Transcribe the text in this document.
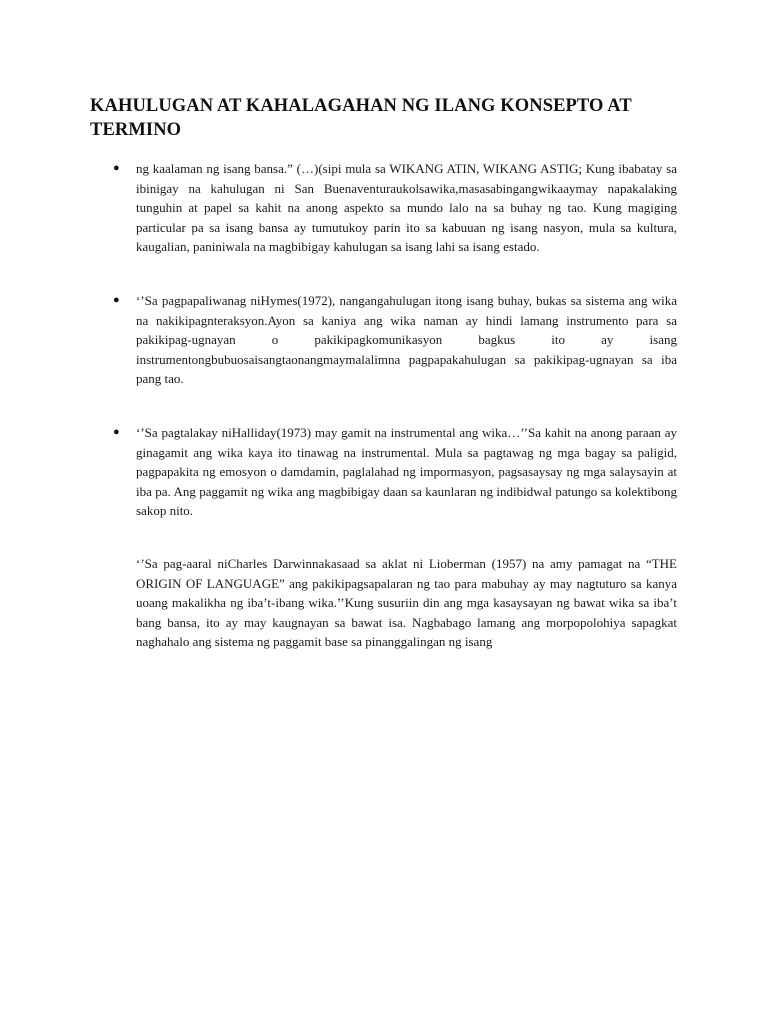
KAHULUGAN AT KAHALAGAHAN NG ILANG KONSEPTO AT TERMINO
● ng kaalaman ng isang bansa.” (…)(sipi mula sa WIKANG ATIN, WIKANG ASTIG; Kung ibabatay sa ibinigay na kahulugan ni San Buenaventuraukolsawika,masasabingangwikaaymay napakalaking tunguhin at papel sa kahit na anong aspekto sa mundo lalo na sa buhay ng tao. Kung magiging particular pa sa isang bansa ay tumutukoy parin ito sa kabuuan ng isang nasyon, mula sa kultura, kaugalian, paniniwala na magbibigay kahulugan sa isang lahi sa isang estado.

● ‘’Sa pagpapaliwanag niHymes(1972), nangangahulugan itong isang buhay, bukas sa sistema ang wika na nakikipagnteraksyon.Ayon sa kaniya ang wika naman ay hindi lamang instrumento para sa pakikipag-ugnayan o pakikipagkomunikasyon bagkus ito ay isang instrumentongbubuosaisangtaonangmaymalalimna pagpapakahulugan sa pakikipag-ugnayan sa iba pang tao.

● ‘’Sa pagtalakay niHalliday(1973) may gamit na instrumental ang wika…’’Sa kahit na anong paraan ay ginagamit ang wika kaya ito tinawag na instrumental. Mula sa pagtawag ng mga bagay sa paligid, pagpapakita ng emosyon o damdamin, paglalahad ng impormasyon, pagsasaysay ng mga salaysayin at iba pa. Ang paggamit ng wika ang magbibigay daan sa kaunlaran ng indibidwal patungo sa kolektibong sakop nito.

‘’Sa pag-aaral niCharles Darwinnakasaad sa aklat ni Lioberman (1957) na amy pamagat na “THE ORIGIN OF LANGUAGE” ang pakikipagsapalaran ng tao para mabuhay ay may nagtuturo sa kanya uoang makalikha ng iba’t-ibang wika.’’Kung susuriin din ang mga kasaysayan ng bawat wika sa iba’t bang bansa, ito ay may kaugnayan sa bawat isa. Nagbabago lamang ang morpopolohiya sapagkat naghahalo ang sistema ng paggamit base sa pinanggalingan ng isang
